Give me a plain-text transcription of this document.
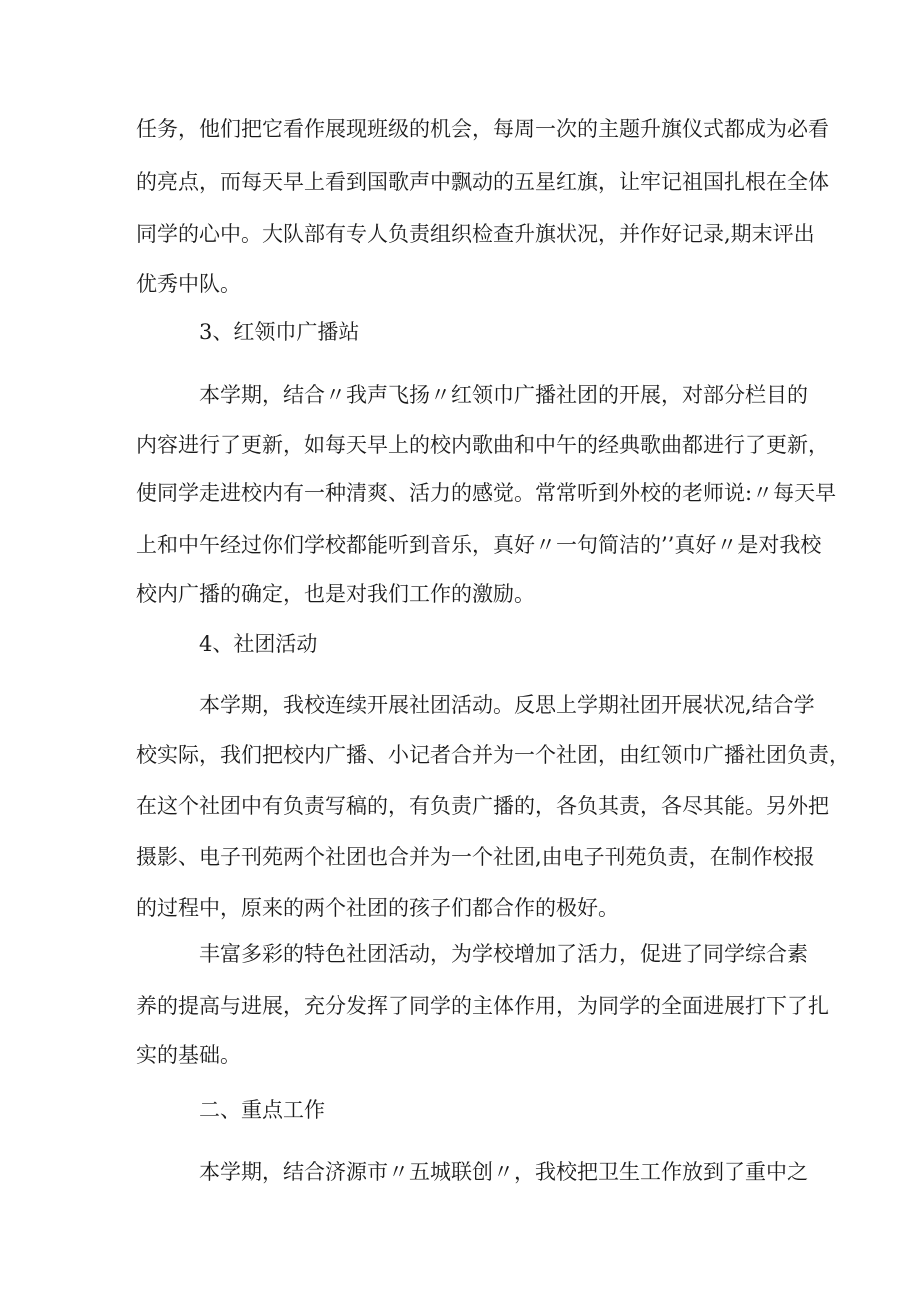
任务，他们把它看作展现班级的机会，每周一次的主题升旗仪式都成为必看

的亮点，而每天早上看到国歌声中飘动的五星红旗，让牢记祖国扎根在全体

同学的心中。大队部有专人负责组织检查升旗状况，并作好记录,期末评出

优秀中队。

3、红领巾广播站

本学期，结合〃我声飞扬〃红领巾广播社团的开展，对部分栏目的

内容进行了更新，如每天早上的校内歌曲和中午的经典歌曲都进行了更新，

使同学走进校内有一种清爽、活力的感觉。常常听到外校的老师说:〃每天早

上和中午经过你们学校都能听到音乐，真好〃一句简洁的’’真好〃是对我校

校内广播的确定，也是对我们工作的激励。

4、社团活动

本学期，我校连续开展社团活动。反思上学期社团开展状况,结合学

校实际，我们把校内广播、小记者合并为一个社团，由红领巾广播社团负责，

在这个社团中有负责写稿的，有负责广播的，各负其责，各尽其能。另外把

摄影、电子刊苑两个社团也合并为一个社团,由电子刊苑负责，在制作校报

的过程中，原来的两个社团的孩子们都合作的极好。

丰富多彩的特色社团活动，为学校增加了活力，促进了同学综合素

养的提高与进展，充分发挥了同学的主体作用，为同学的全面进展打下了扎

实的基础。

二、重点工作

本学期，结合济源市〃五城联创〃，我校把卫生工作放到了重中之
